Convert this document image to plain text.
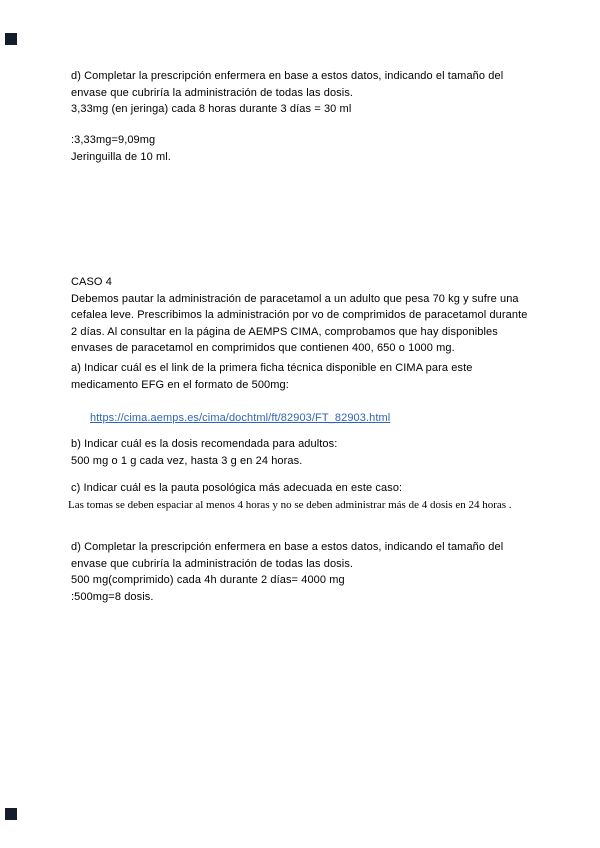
d) Completar la prescripción enfermera en base a estos datos, indicando el tamaño del
envase que cubriría la administración de todas las dosis.
3,33mg (en jeringa) cada 8 horas durante 3 días = 30 ml
:3,33mg=9,09mg
Jeringuilla de 10 ml.
CASO 4
Debemos pautar la administración de paracetamol a un adulto que pesa 70 kg y sufre una
cefalea leve. Prescribimos la administración por vo de comprimidos de paracetamol durante
2 días. Al consultar en la página de AEMPS CIMA, comprobamos que hay disponibles
envases de paracetamol en comprimidos que contienen 400, 650 o 1000 mg.
a) Indicar cuál es el link de la primera ficha técnica disponible en CIMA para este
medicamento EFG en el formato de 500mg:

https://cima.aemps.es/cima/dochtml/ft/82903/FT_82903.html

b) Indicar cuál es la dosis recomendada para adultos:
500 mg o 1 g cada vez, hasta 3 g en 24 horas.
c) Indicar cuál es la pauta posológica más adecuada en este caso:
Las tomas se deben espaciar al menos 4 horas y no se deben administrar más de 4 dosis en 24 horas .
d) Completar la prescripción enfermera en base a estos datos, indicando el tamaño del
envase que cubriría la administración de todas las dosis.
500 mg(comprimido) cada 4h durante 2 días= 4000 mg
:500mg=8 dosis.
